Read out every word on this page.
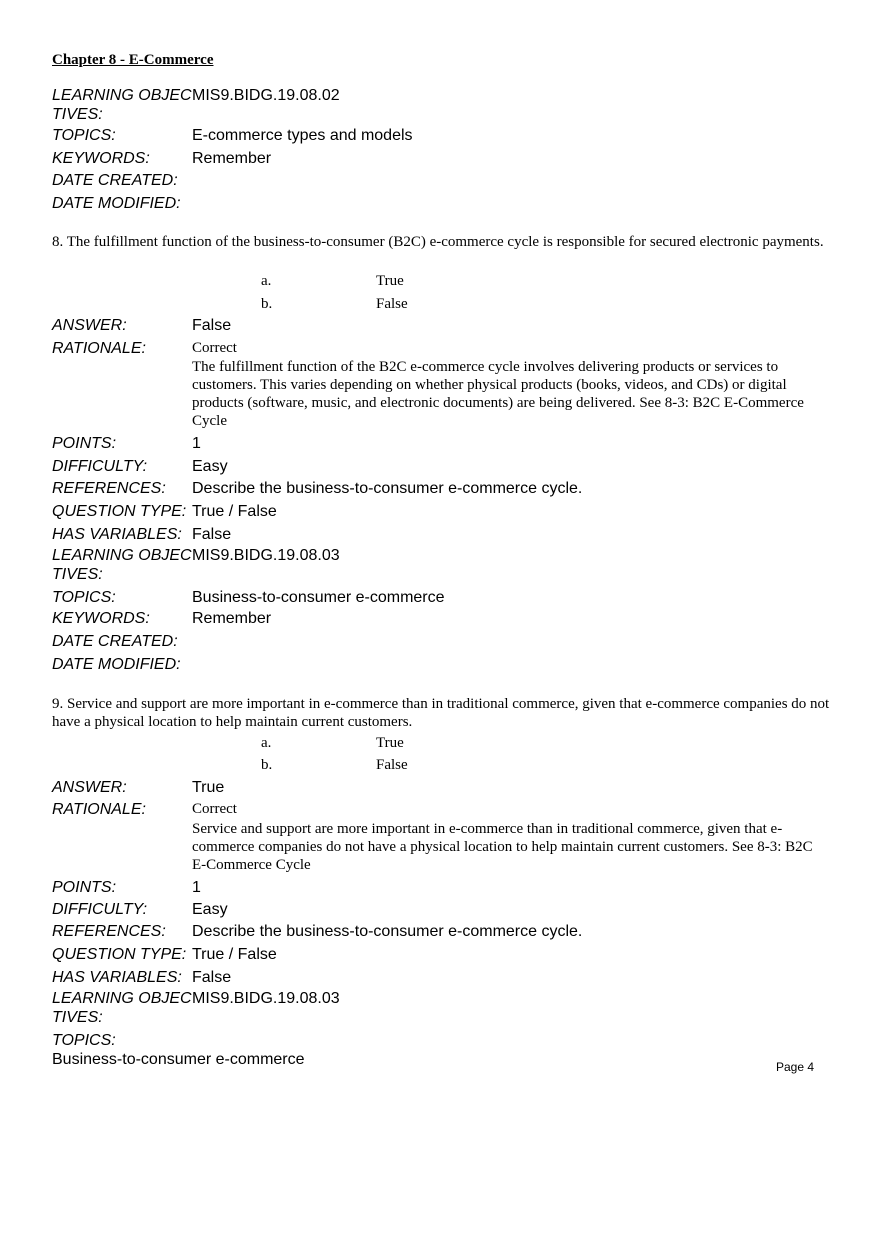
Chapter 8 - E-Commerce
LEARNING OBJEC
TIVES:
MIS9.BIDG.19.08.02
TOPICS:	E-commerce types and models
KEYWORDS:	Remember
DATE CREATED:
DATE MODIFIED:
8. The fulfillment function of the business-to-consumer (B2C) e-commerce cycle is responsible for secured electronic payments.
a.	True
b.	False
ANSWER:	False
RATIONALE:	Correct
The fulfillment function of the B2C e-commerce cycle involves delivering products or services to customers. This varies depending on whether physical products (books, videos, and CDs) or digital products (software, music, and electronic documents) are being delivered. See 8-3: B2C E-Commerce Cycle
POINTS:	1
DIFFICULTY:	Easy
REFERENCES:	Describe the business-to-consumer e-commerce cycle.
QUESTION TYPE: True / False
HAS VARIABLES: False
LEARNING OBJEC
TIVES:
MIS9.BIDG.19.08.03
TOPICS:	Business-to-consumer e-commerce
KEYWORDS:	Remember
DATE CREATED:
DATE MODIFIED:
9. Service and support are more important in e-commerce than in traditional commerce, given that e-commerce companies do not have a physical location to help maintain current customers.
a.	True
b.	False
ANSWER:	True
RATIONALE:	Correct
Service and support are more important in e-commerce than in traditional commerce, given that e-commerce companies do not have a physical location to help maintain current customers. See 8-3: B2C E-Commerce Cycle
POINTS:	1
DIFFICULTY:	Easy
REFERENCES:	Describe the business-to-consumer e-commerce cycle.
QUESTION TYPE: True / False
HAS VARIABLES: False
LEARNING OBJEC
TIVES:
MIS9.BIDG.19.08.03
TOPICS:
Business-to-consumer e-commerce	Page 4
